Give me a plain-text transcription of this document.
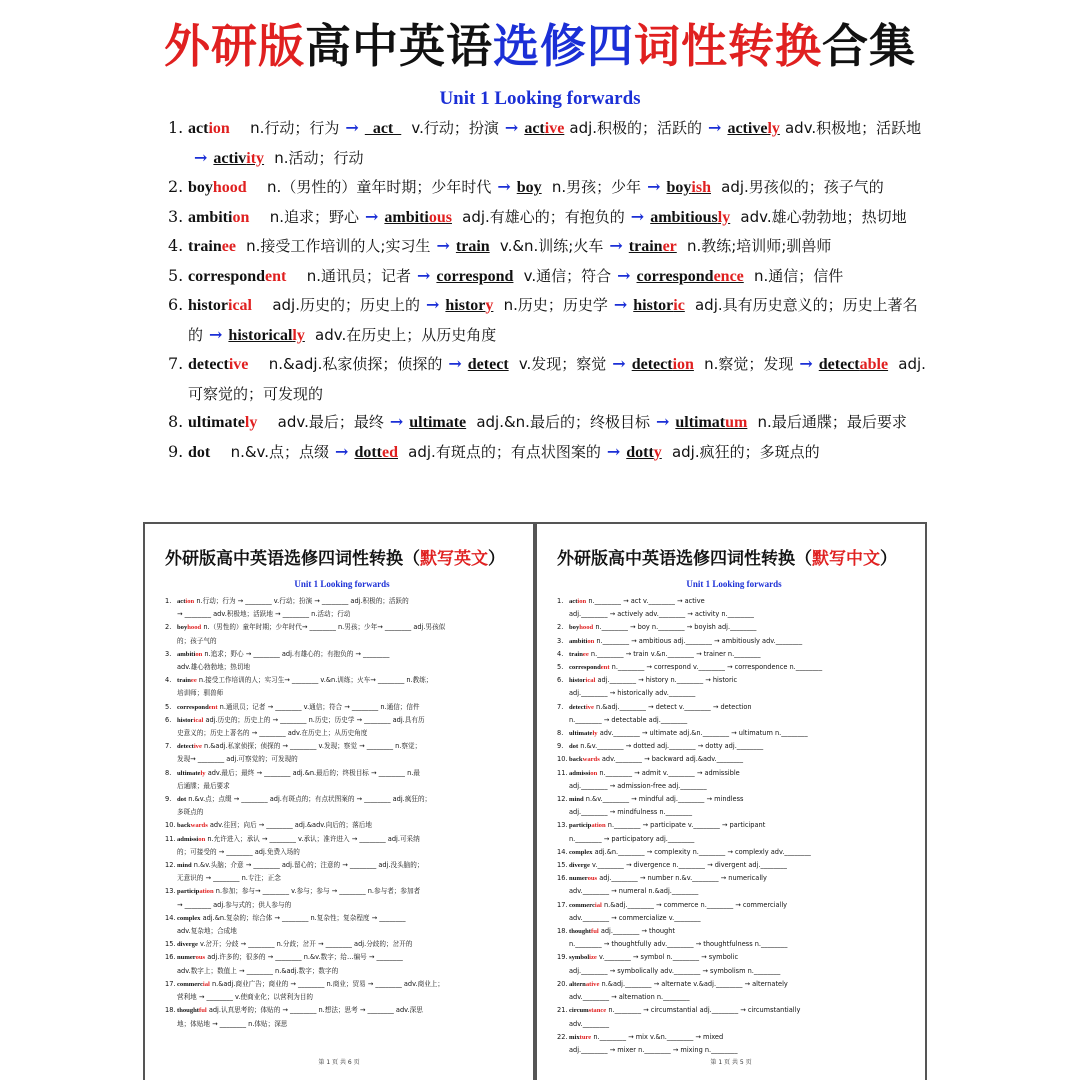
外研版高中英语选修四词性转换合集
Unit 1 Looking forwards
1. action n.行动；行为 →  act    v.行动；扮演 → active adj.积极的；活跃的 → actively adv.积极地；活跃地→ activity n.活动；行动
2. boyhood n.（男性的）童年时期；少年时代 → boy n.男孩；少年 → boyish adj.男孩似的；孩子气的
3. ambition n.追求；野心 → ambitious adj.有雄心的；有抱负的 → ambitiously adv.雄心勃勃地；热切地
4. trainee n.接受工作培训的人;实习生 → train v.&n.训练;火车 → trainer n.教练;培训师;驯兽师
5. correspondent n.通讯员；记者 → correspond v.通信；符合 → correspondence n.通信；信件
6. historical adj.历史的；历史上的 → history n.历史；历史学 → historic adj.具有历史意义的；历史上著名的 → historically adv.在历史上；从历史角度
7. detective n.&adj.私家侦探；侦探的 → detect v.发现；察觉 → detection n.察觉；发现 → detectable adj.可察觉的；可发现的
8. ultimately adv.最后；最终 → ultimate adj.&n.最后的；终极目标 → ultimatum n.最后通牒；最后要求
9. dot n.&v.点；点缀 → dotted adj.有斑点的；有点状图案的 → dotty adj.疯狂的；多斑点的
外研版高中英语选修四词性转换（默写英文）
Unit 1 Looking forwards
1. action n.行动；行为 → ________ v.行动；扮演 → ________ adj.积极的；活跃的
→ ________ adv.积极地；活跃地 → ________ n.活动；行动
2. boyhood n.（男性的）童年时期；少年时代→ ________ n.男孩；少年→ ________ adj.男孩似
的；孩子气的
3. ambition n.追求；野心 → ________ adj.有雄心的；有抱负的 → ________
adv.雄心勃勃地；热切地
4. trainee n.接受工作培训的人；实习生→ ________ v.&n.训练；火车→ ________ n.教练；
培训师；驯兽师
5. correspondent n.通讯员；记者 → ________ v.通信；符合 → ________ n.通信；信件
6. historical adj.历史的；历史上的 → ________ n.历史；历史学 → ________ adj.具有历
史意义的；历史上著名的 → ________ adv.在历史上；从历史角度
7. detective n.&adj.私家侦探；侦探的 → ________ v.发现；察觉 → ________ n.察觉；
发现→ ________ adj.可察觉的；可发现的
8. ultimately adv.最后；最终 → ________ adj.&n.最后的；终极目标 → ________ n.最
后通牒；最后要求
9. dot n.&v.点；点缀 → ________ adj.有斑点的；有点状图案的 → ________ adj.疯狂的；
多斑点的
10. backwards adv.往回；向后 → ________ adj.&adv.向后的；落后地
11. admission n.允许进入；承认 → ________ v.承认；准许进入 → ________ adj.可采纳
的；可接受的 → ________ adj.免费入场的
12. mind n.&v.头脑；介意 → ________ adj.留心的；注意的 → ________ adj.没头脑的；
无意识的 → ________ n.专注；正念
13. participation n.参加；参与→ ________ v.参与；参与 → ________ n.参与者；参加者
→ ________ adj.参与式的；供人参与的
14. complex adj.&n.复杂的；综合体 → ________ n.复杂性；复杂程度 → ________
adv.复杂地；合成地
15. diverge v.岔开；分歧 → ________ n.分歧；岔开 → ________ adj.分歧的；岔开的
16. numerous adj.许多的；很多的 → ________ n.&v.数字；给…编号 → ________
adv.数字上；数值上 → ________ n.&adj.数字；数字的
17. commercial n.&adj.商业广告；商业的 → ________ n.商业；贸易 → ________ adv.商业上；
营利地 → ________ v.使商业化；以营利为目的
18. thoughtful adj.认真思考的；体贴的 → ________ n.想法；思考 → ________ adv.深思
地；体贴地 → ________ n.体贴；深思
第 1 页 共 6 页
外研版高中英语选修四词性转换（默写中文）
Unit 1 Looking forwards
1. action n.________ → act v.________ → active
adj.________ → actively adv.________ → activity n.________
2. boyhood n.________ → boy n.________ → boyish adj.________
3. ambition n.________ → ambitious adj.________ → ambitiously adv.________
4. trainee n.________ → train v.&n.________ → trainer n.________
5. correspondent n.________ → correspond v.________ → correspondence n.________
6. historical adj.________ → history n.________ → historic
adj.________ → historically adv.________
7. detective n.&adj.________ → detect v.________ → detection
n.________ → detectable adj.________
8. ultimately adv.________ → ultimate adj.&n.________ → ultimatum n.________
9. dot n.&v.________ → dotted adj.________ → dotty adj.________
10. backwards adv.________ → backward adj.&adv.________
11. admission n.________ → admit v.________ → admissible
adj.________ → admission-free adj.________
12. mind n.&v.________ → mindful adj.________ → mindless
adj.________ → mindfulness n.________
13. participation n.________ → participate v.________ → participant
n.________ → participatory adj.________
14. complex adj.&n.________ → complexity n.________ → complexly adv.________
15. diverge v.________ → divergence n.________ → divergent adj.________
16. numerous adj.________ → number n.&v.________ → numerically
adv.________ → numeral n.&adj.________
17. commercial n.&adj.________ → commerce n.________ → commercially
adv.________ → commercialize v.________
18. thoughtful adj.________ → thought
n.________ → thoughtfully adv.________ → thoughtfulness n.________
19. symbolize v.________ → symbol n.________ → symbolic
adj.________ → symbolically adv.________ → symbolism n.________
20. alternative n.&adj.________ → alternate v.&adj.________ → alternately
adv.________ → alternation n.________
21. circumstance n.________ → circumstantial adj.________ → circumstantially
adv.________
22. mixture n.________ → mix v.&n.________ → mixed
adj.________ → mixer n.________ → mixing n.________
第 1 页 共 5 页
